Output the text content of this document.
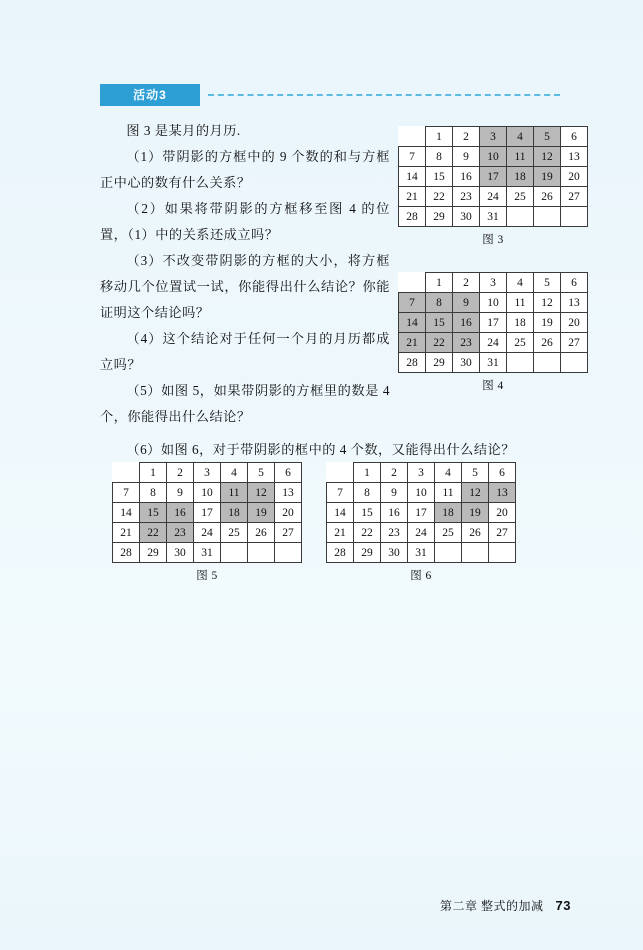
活动3

图 3 是某月的月历.

（1）带阴影的方框中的 9 个数的和与方框正中心的数有什么关系？

（2）如果将带阴影的方框移至图 4 的位置，（1）中的关系还成立吗？

（3）不改变带阴影的方框的大小，将方框移动几个位置试一试，你能得出什么结论？你能证明这个结论吗？

（4）这个结论对于任何一个月的月历都成立吗？

（5）如图 5，如果带阴影的方框里的数是 4 个，你能得出什么结论？

（6）如图 6，对于带阴影的框中的 4 个数，又能得出什么结论？
	1	2	3	4	5	6
7	8	9	10	11	12	13
14	15	16	17	18	19	20
21	22	23	24	25	26	27
28	29	30	31			
图 3
	1	2	3	4	5	6
7	8	9	10	11	12	13
14	15	16	17	18	19	20
21	22	23	24	25	26	27
28	29	30	31			
图 4
	1	2	3	4	5	6
7	8	9	10	11	12	13
14	15	16	17	18	19	20
21	22	23	24	25	26	27
28	29	30	31			
图 5
	1	2	3	4	5	6
7	8	9	10	11	12	13
14	15	16	17	18	19	20
21	22	23	24	25	26	27
28	29	30	31			
图 6
第二章 整式的加减 73
